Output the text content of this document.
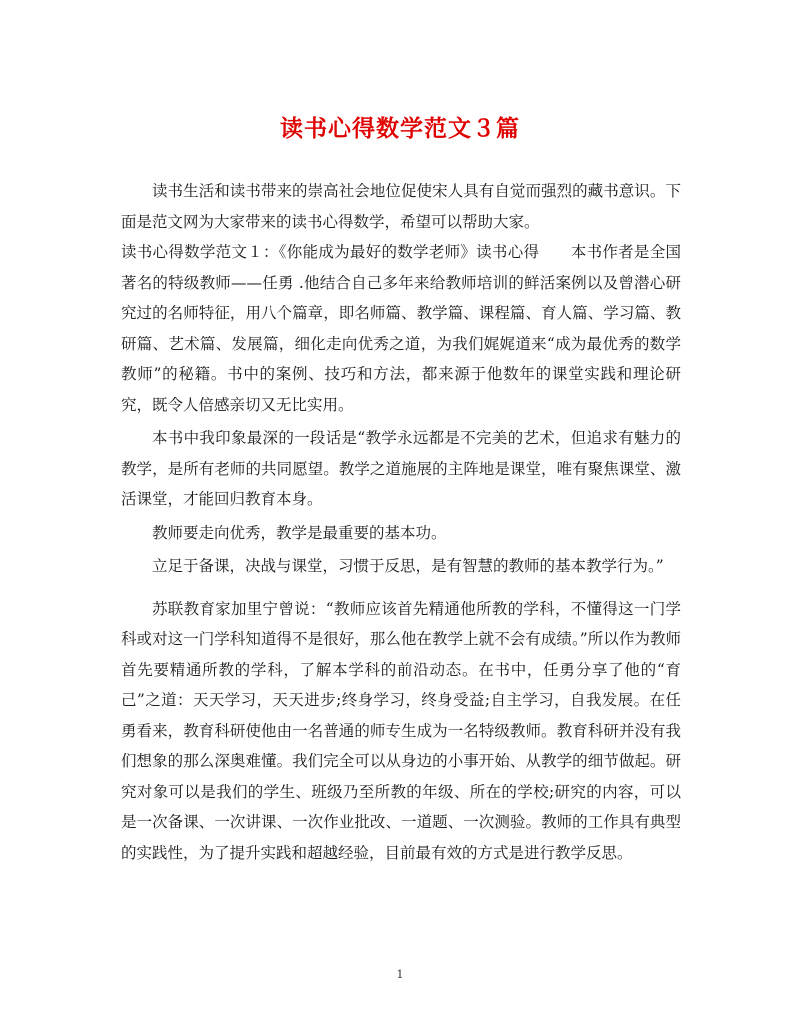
读书心得数学范文３篇

读书生活和读书带来的崇高社会地位促使宋人具有自觉而强烈的藏书意识。下面是范文网为大家带来的读书心得数学，希望可以帮助大家。

读书心得数学范文１：《你能成为最好的数学老师》读书心得　　本书作者是全国著名的特级教师——任勇 .他结合自己多年来给教师培训的鲜活案例以及曾潜心研究过的名师特征，用八个篇章，即名师篇、教学篇、课程篇、育人篇、学习篇、教研篇、艺术篇、发展篇，细化走向优秀之道，为我们娓娓道来“成为最优秀的数学教师”的秘籍。书中的案例、技巧和方法，都来源于他数年的课堂实践和理论研究，既令人倍感亲切又无比实用。

本书中我印象最深的一段话是“教学永远都是不完美的艺术，但追求有魅力的教学，是所有老师的共同愿望。教学之道施展的主阵地是课堂，唯有聚焦课堂、激活课堂，才能回归教育本身。

教师要走向优秀，教学是最重要的基本功。

立足于备课，决战与课堂，习惯于反思，是有智慧的教师的基本教学行为。”

苏联教育家加里宁曾说：“教师应该首先精通他所教的学科，不懂得这一门学科或对这一门学科知道得不是很好，那么他在教学上就不会有成绩。”所以作为教师首先要精通所教的学科，了解本学科的前沿动态。在书中，任勇分享了他的“育己”之道：天天学习，天天进步;终身学习，终身受益;自主学习，自我发展。在任勇看来，教育科研使他由一名普通的师专生成为一名特级教师。教育科研并没有我们想象的那么深奥难懂。我们完全可以从身边的小事开始、从教学的细节做起。研究对象可以是我们的学生、班级乃至所教的年级、所在的学校;研究的内容，可以是一次备课、一次讲课、一次作业批改、一道题、一次测验。教师的工作具有典型的实践性，为了提升实践和超越经验，目前最有效的方式是进行教学反思。

1
